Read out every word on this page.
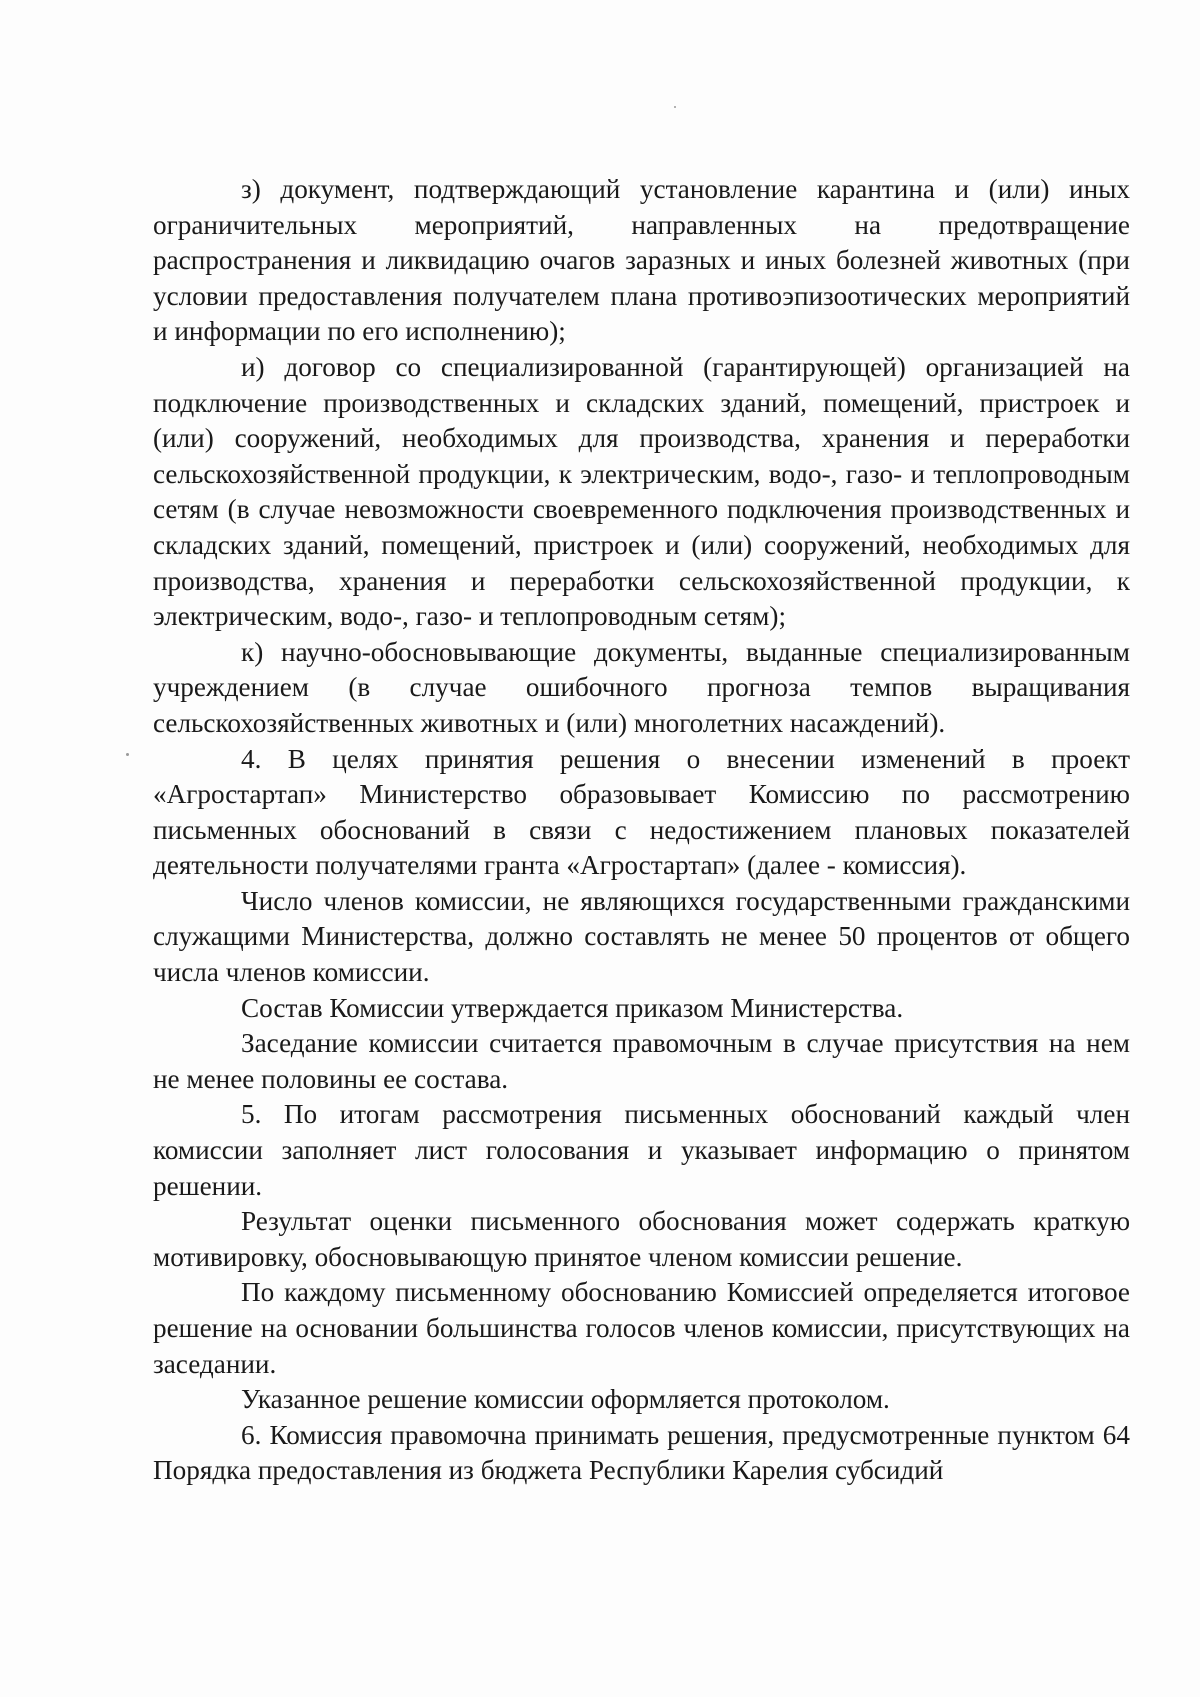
з) документ, подтверждающий установление карантина и (или) иных ограничительных мероприятий, направленных на предотвращение распространения и ликвидацию очагов заразных и иных болезней животных (при условии предоставления получателем плана противоэпизоотических мероприятий и информации по его исполнению);

и) договор со специализированной (гарантирующей) организацией на подключение производственных и складских зданий, помещений, пристроек и (или) сооружений, необходимых для производства, хранения и переработки сельскохозяйственной продукции, к электрическим, водо-, газо- и теплопроводным сетям (в случае невозможности своевременного подключения производственных и складских зданий, помещений, пристроек и (или) сооружений, необходимых для производства, хранения и переработки сельскохозяйственной продукции, к электрическим, водо-, газо- и теплопроводным сетям);

к) научно-обосновывающие документы, выданные специализированным учреждением (в случае ошибочного прогноза темпов выращивания сельскохозяйственных животных и (или) многолетних насаждений).

4. В целях принятия решения о внесении изменений в проект «Агростартап» Министерство образовывает Комиссию по рассмотрению письменных обоснований в связи с недостижением плановых показателей деятельности получателями гранта «Агростартап» (далее - комиссия).

Число членов комиссии, не являющихся государственными гражданскими служащими Министерства, должно составлять не менее 50 процентов от общего числа членов комиссии.

Состав Комиссии утверждается приказом Министерства.

Заседание комиссии считается правомочным в случае присутствия на нем не менее половины ее состава.

5. По итогам рассмотрения письменных обоснований каждый член комиссии заполняет лист голосования и указывает информацию о принятом решении.

Результат оценки письменного обоснования может содержать краткую мотивировку, обосновывающую принятое членом комиссии решение.

По каждому письменному обоснованию Комиссией определяется итоговое решение на основании большинства голосов членов комиссии, присутствующих на заседании.

Указанное решение комиссии оформляется протоколом.

6. Комиссия правомочна принимать решения, предусмотренные пунктом 64 Порядка предоставления из бюджета Республики Карелия субсидий
